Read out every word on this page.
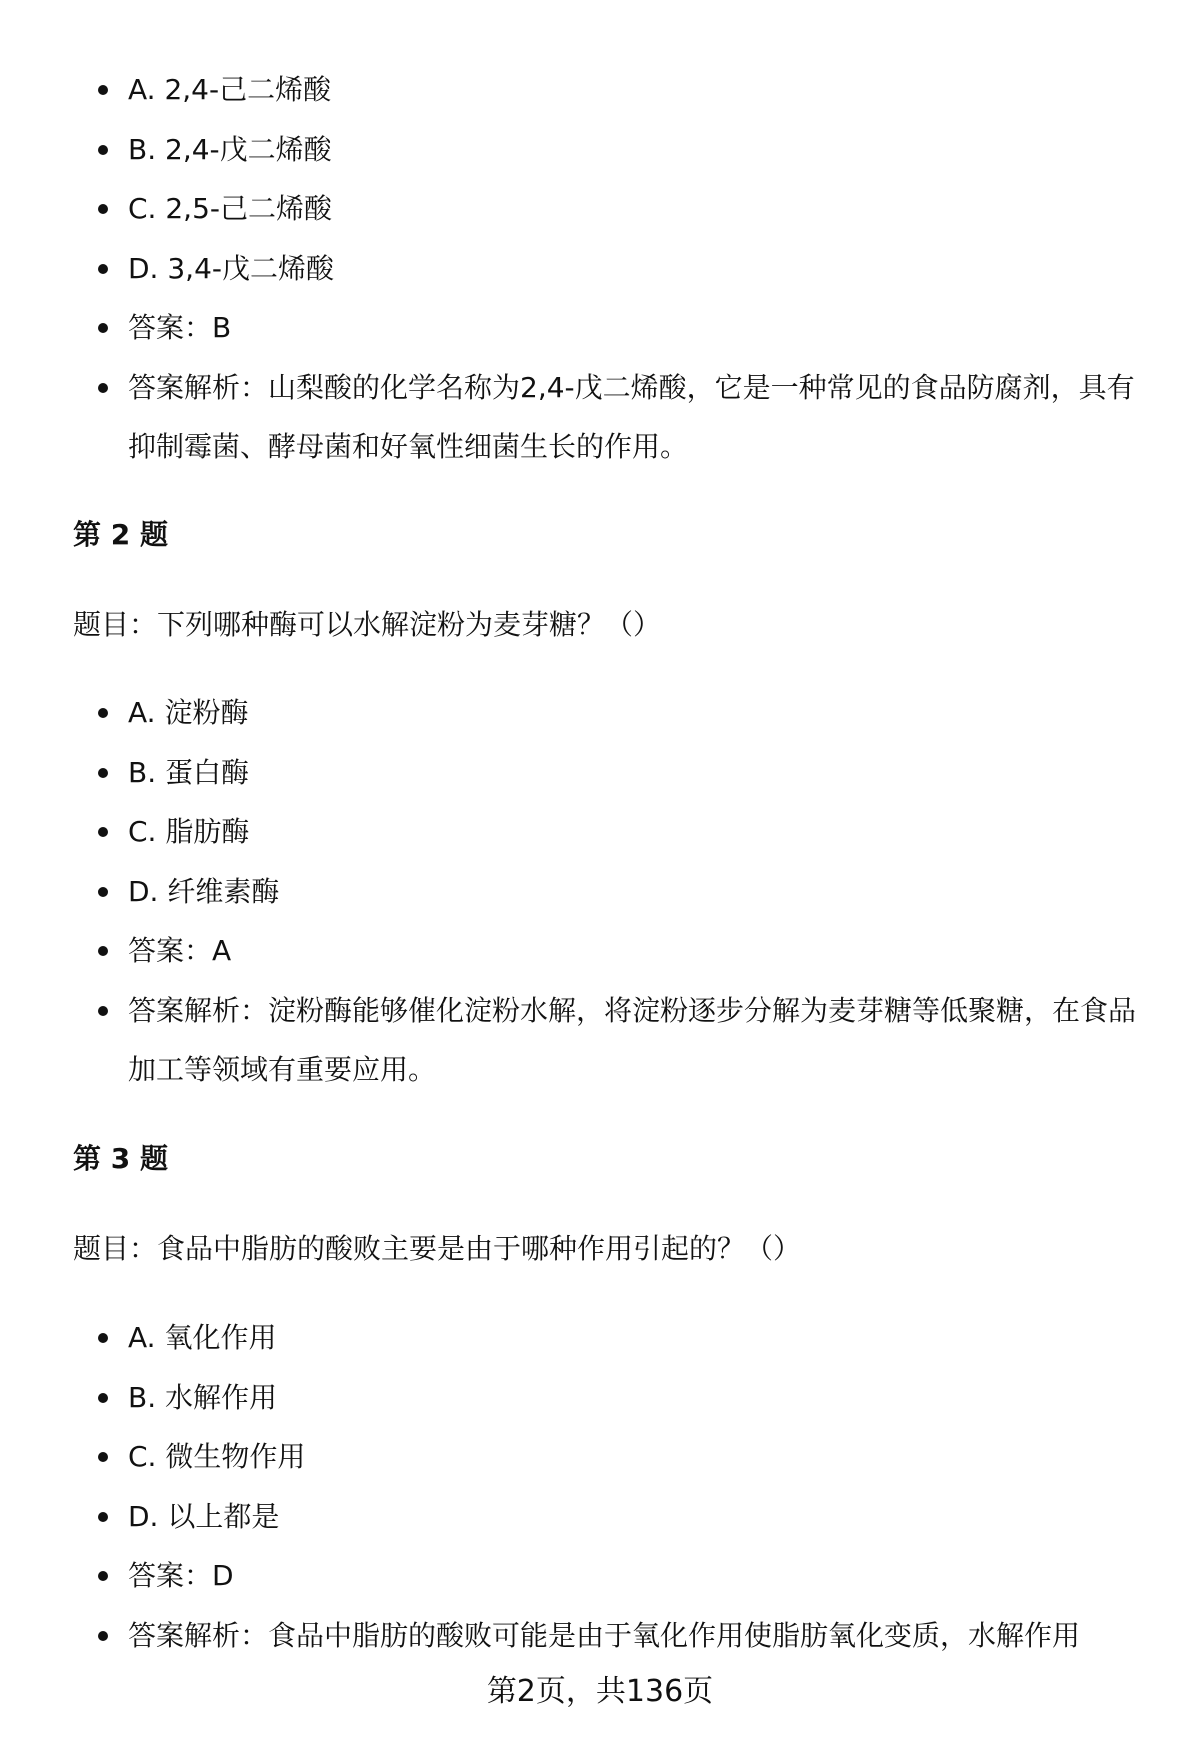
A. 2,4-己二烯酸
B. 2,4-戊二烯酸
C. 2,5-己二烯酸
D. 3,4-戊二烯酸
答案：B
答案解析：山梨酸的化学名称为2,4-戊二烯酸，它是一种常见的食品防腐剂，具有抑制霉菌、酵母菌和好氧性细菌生长的作用。
第 2 题
题目：下列哪种酶可以水解淀粉为麦芽糖？（）
A. 淀粉酶
B. 蛋白酶
C. 脂肪酶
D. 纤维素酶
答案：A
答案解析：淀粉酶能够催化淀粉水解，将淀粉逐步分解为麦芽糖等低聚糖，在食品加工等领域有重要应用。
第 3 题
题目：食品中脂肪的酸败主要是由于哪种作用引起的？（）
A. 氧化作用
B. 水解作用
C. 微生物作用
D. 以上都是
答案：D
答案解析：食品中脂肪的酸败可能是由于氧化作用使脂肪氧化变质，水解作用
第2页，共136页
